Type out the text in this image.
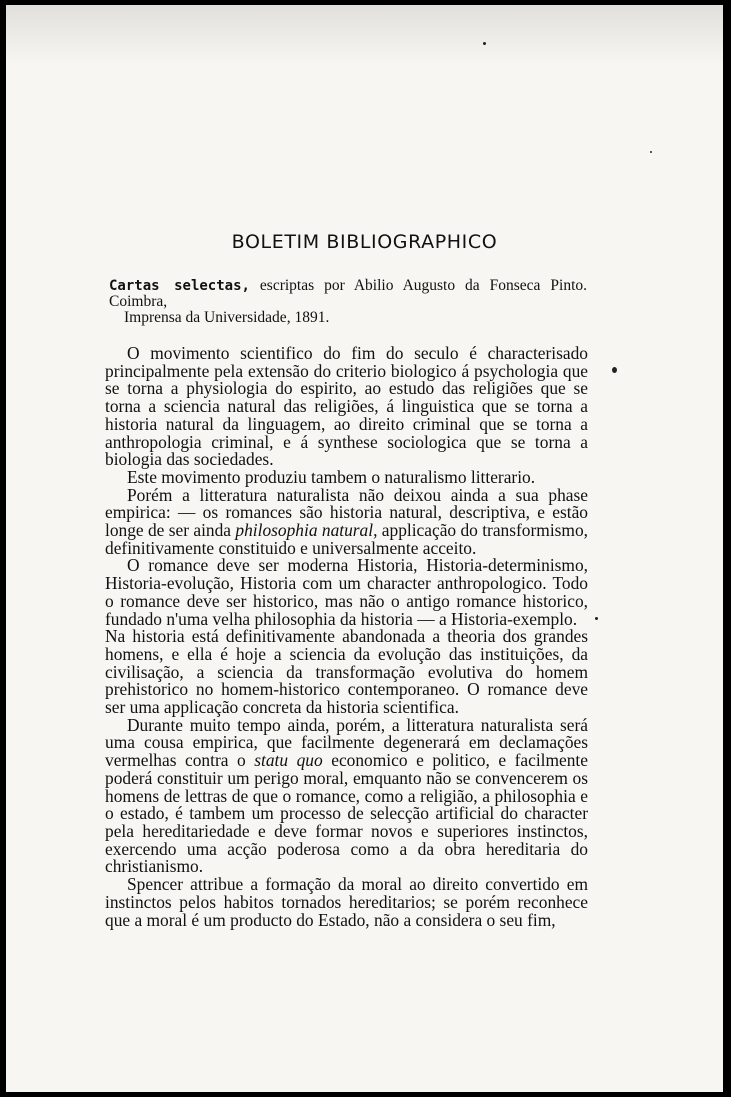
BOLETIM BIBLIOGRAPHICO
Cartas selectas, escriptas por Abilio Augusto da Fonseca Pinto. Coimbra,
Imprensa da Universidade, 1891.

O movimento scientifico do fim do seculo é characterisado principalmente pela extensão do criterio biologico á psychologia que se torna a physiologia do espirito, ao estudo das religiões que se torna a sciencia natural das religiões, á linguistica que se torna a historia natural da linguagem, ao direito criminal que se torna a anthropologia criminal, e á synthese sociologica que se torna a biologia das sociedades.

Este movimento produziu tambem o naturalismo litterario.

Porém a litteratura naturalista não deixou ainda a sua phase empirica: — os romances são historia natural, descriptiva, e estão longe de ser ainda philosophia natural, applicação do transformismo, definitivamente constituido e universalmente acceito.

O romance deve ser moderna Historia, Historia-determinismo, Historia-evolução, Historia com um character anthropologico. Todo o romance deve ser historico, mas não o antigo romance historico, fundado n'uma velha philosophia da historia — a Historia-exemplo.

Na historia está definitivamente abandonada a theoria dos grandes homens, e ella é hoje a sciencia da evolução das instituições, da civilisação, a sciencia da transformação evolutiva do homem prehistorico no homem-historico contemporaneo. O romance deve ser uma applicação concreta da historia scientifica.

Durante muito tempo ainda, porém, a litteratura naturalista será uma cousa empirica, que facilmente degenerará em declamações vermelhas contra o statu quo economico e politico, e facilmente poderá constituir um perigo moral, emquanto não se convencerem os homens de lettras de que o romance, como a religião, a philosophia e o estado, é tambem um processo de selecção artificial do character pela hereditariedade e deve formar novos e superiores instinctos, exercendo uma acção poderosa como a da obra hereditaria do christianismo.

Spencer attribue a formação da moral ao direito convertido em instinctos pelos habitos tornados hereditarios; se porém reconhece que a moral é um producto do Estado, não a considera o seu fim,
